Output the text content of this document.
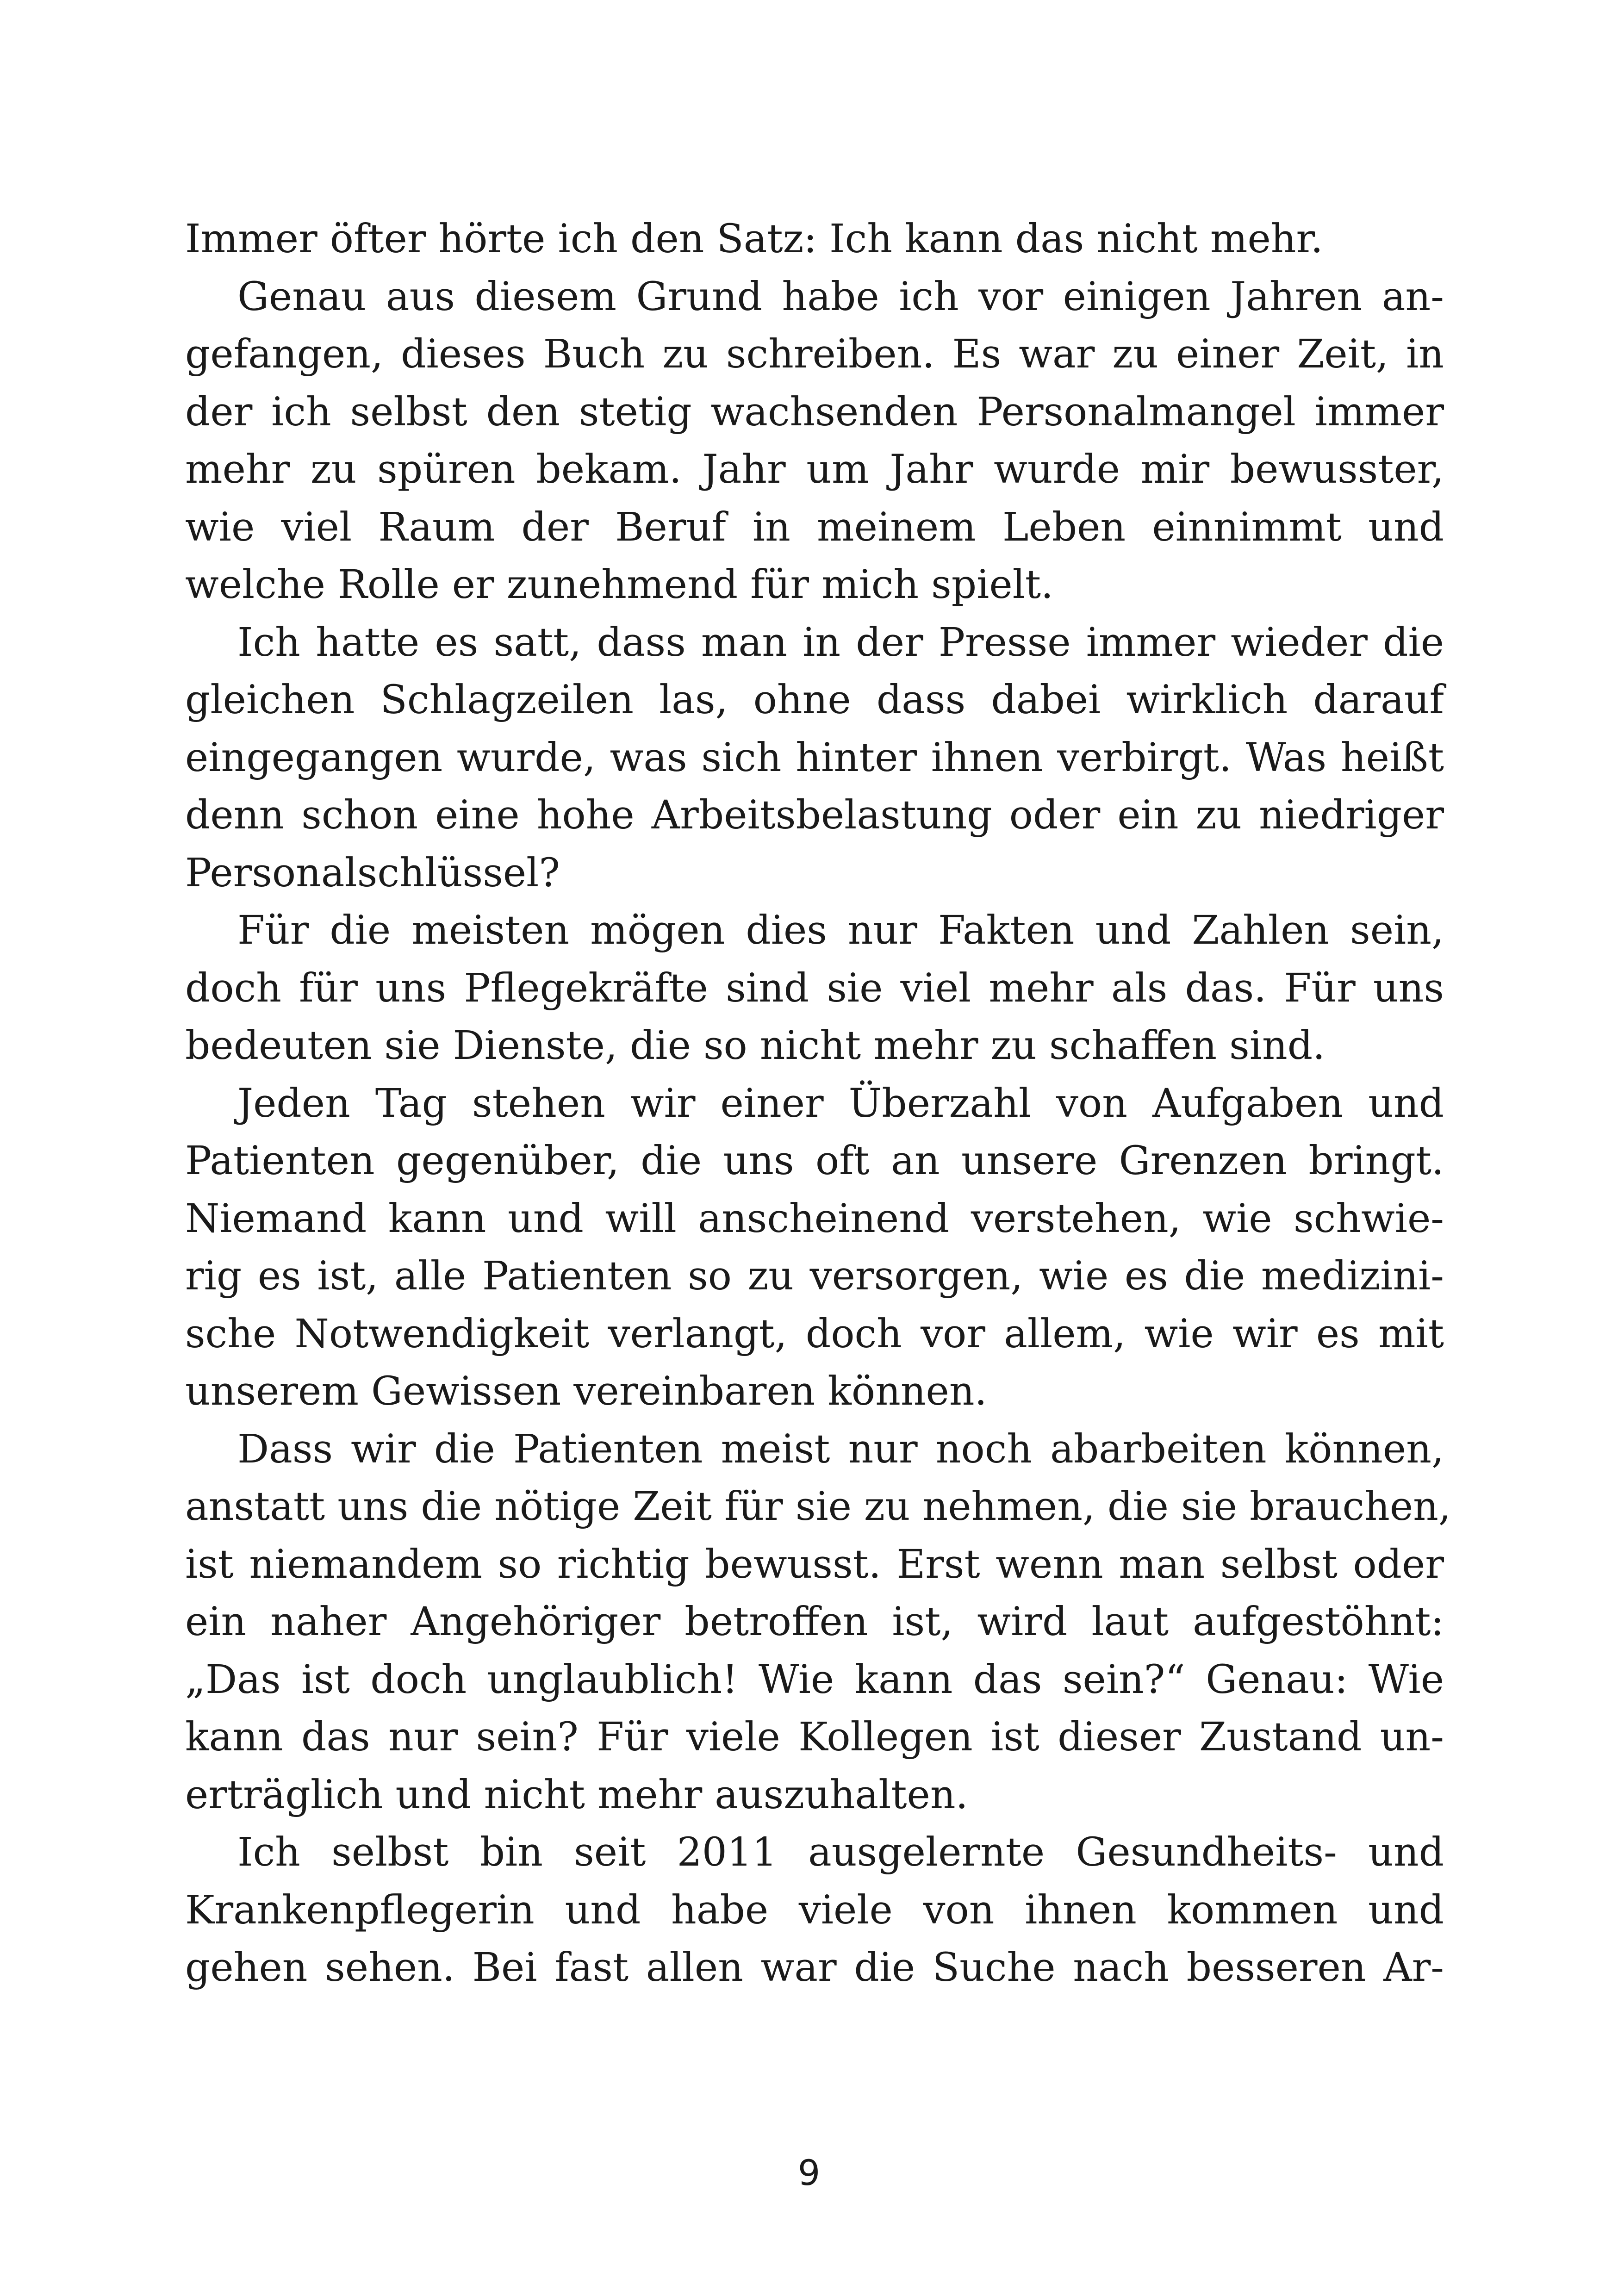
Immer öfter hörte ich den Satz: Ich kann das nicht mehr.
Genau aus diesem Grund habe ich vor einigen Jahren an-
gefangen, dieses Buch zu schreiben. Es war zu einer Zeit, in
der ich selbst den stetig wachsenden Personalmangel immer
mehr zu spüren bekam. Jahr um Jahr wurde mir bewusster,
wie viel Raum der Beruf in meinem Leben einnimmt und
welche Rolle er zunehmend für mich spielt.
Ich hatte es satt, dass man in der Presse immer wieder die
gleichen Schlagzeilen las, ohne dass dabei wirklich darauf
eingegangen wurde, was sich hinter ihnen verbirgt. Was heißt
denn schon eine hohe Arbeitsbelastung oder ein zu niedriger
Personalschlüssel?
Für die meisten mögen dies nur Fakten und Zahlen sein,
doch für uns Pflegekräfte sind sie viel mehr als das. Für uns
bedeuten sie Dienste, die so nicht mehr zu schaffen sind.
Jeden Tag stehen wir einer Überzahl von Aufgaben und
Patienten gegenüber, die uns oft an unsere Grenzen bringt.
Niemand kann und will anscheinend verstehen, wie schwie-
rig es ist, alle Patienten so zu versorgen, wie es die medizini-
sche Notwendigkeit verlangt, doch vor allem, wie wir es mit
unserem Gewissen vereinbaren können.
Dass wir die Patienten meist nur noch abarbeiten können,
anstatt uns die nötige Zeit für sie zu nehmen, die sie brauchen,
ist niemandem so richtig bewusst. Erst wenn man selbst oder
ein naher Angehöriger betroffen ist, wird laut aufgestöhnt:
„Das ist doch unglaublich! Wie kann das sein?“ Genau: Wie
kann das nur sein? Für viele Kollegen ist dieser Zustand un-
erträglich und nicht mehr auszuhalten.
Ich selbst bin seit 2011 ausgelernte Gesundheits- und
Krankenpflegerin und habe viele von ihnen kommen und
gehen sehen. Bei fast allen war die Suche nach besseren Ar-
9
